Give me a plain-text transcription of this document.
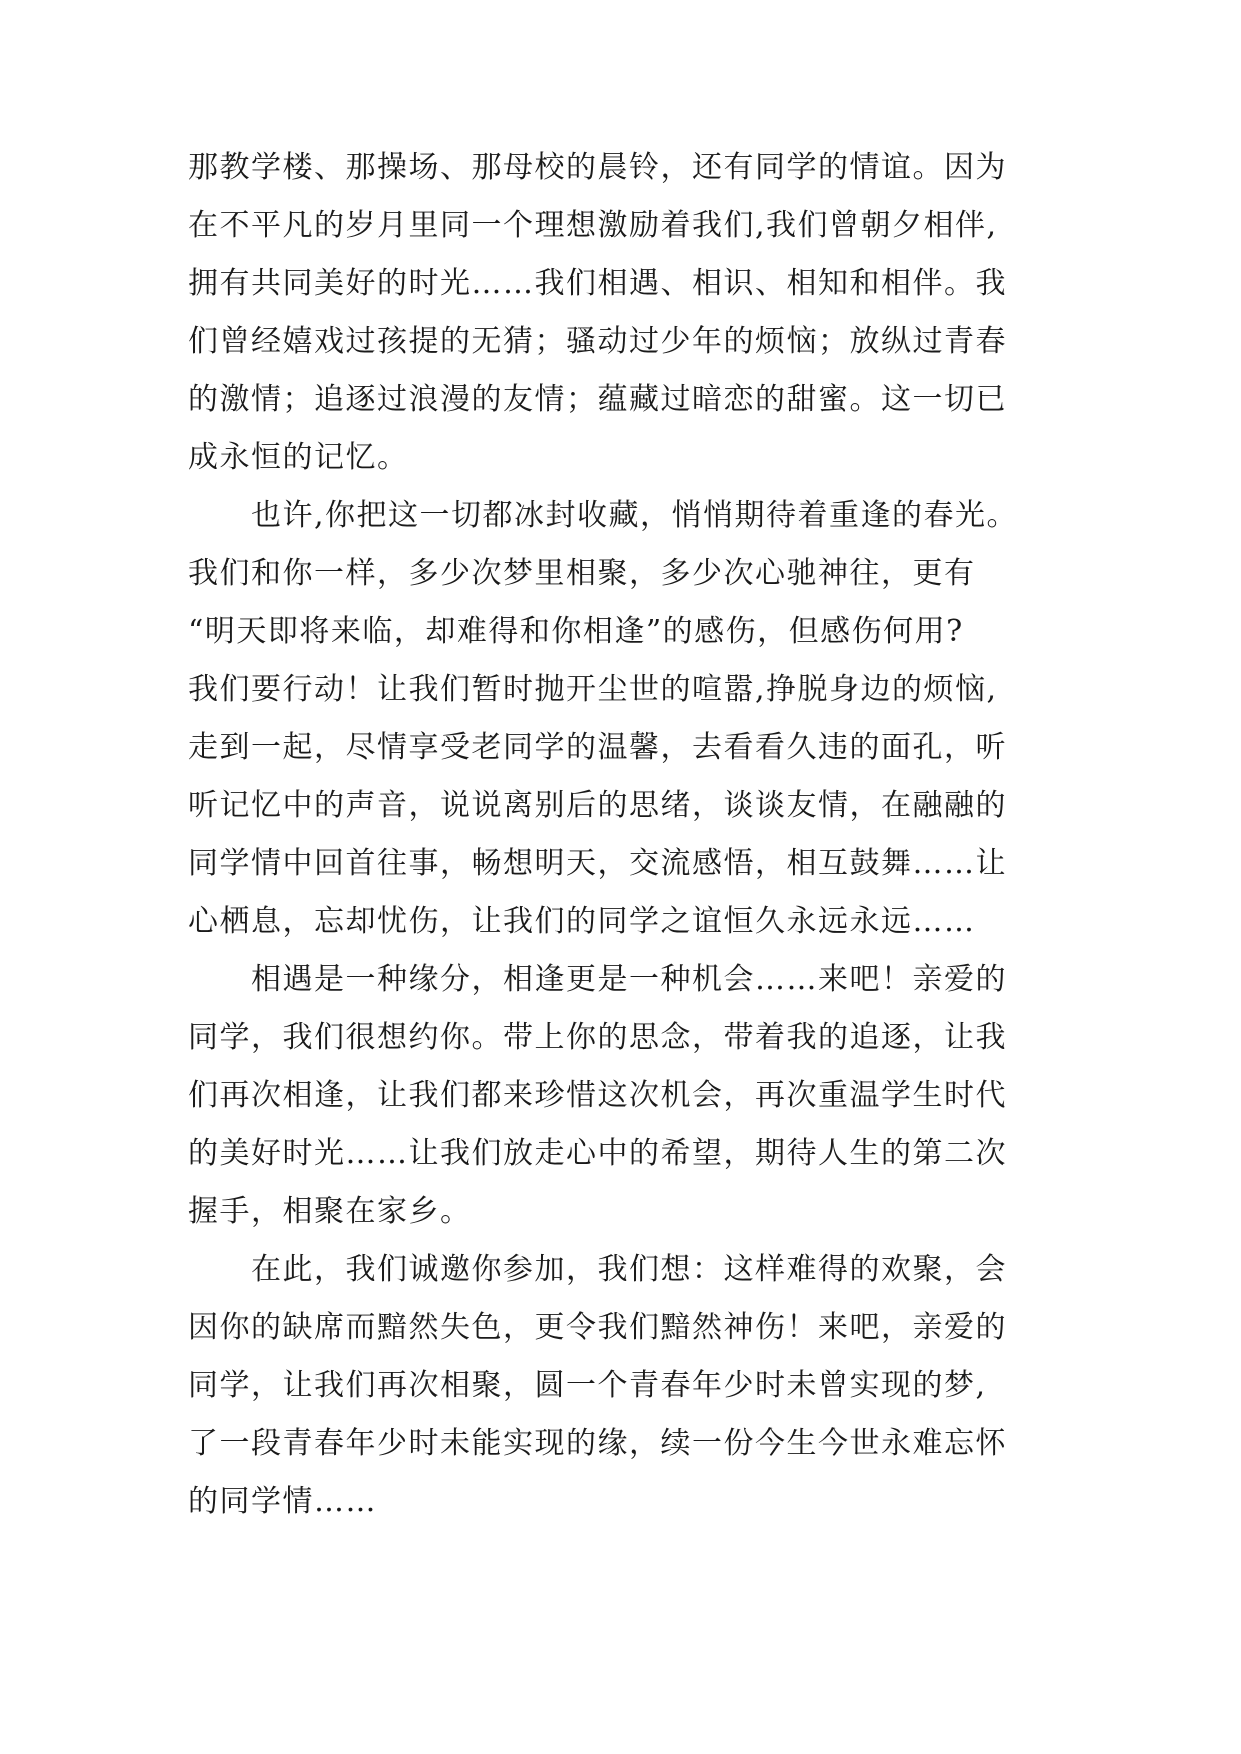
那教学楼、那操场、那母校的晨铃，还有同学的情谊。因为
在不平凡的岁月里同一个理想激励着我们,我们曾朝夕相伴,
拥有共同美好的时光……我们相遇、相识、相知和相伴。我
们曾经嬉戏过孩提的无猜；骚动过少年的烦恼；放纵过青春
的激情；追逐过浪漫的友情；蕴藏过暗恋的甜蜜。这一切已
成永恒的记忆。
　　也许,你把这一切都冰封收藏，悄悄期待着重逢的春光。
我们和你一样，多少次梦里相聚，多少次心驰神往，更有
“明天即将来临，却难得和你相逢”的感伤，但感伤何用?
我们要行动！让我们暂时抛开尘世的喧嚣,挣脱身边的烦恼,
走到一起，尽情享受老同学的温馨，去看看久违的面孔，听
听记忆中的声音，说说离别后的思绪，谈谈友情，在融融的
同学情中回首往事，畅想明天，交流感悟，相互鼓舞……让
心栖息，忘却忧伤，让我们的同学之谊恒久永远永远……
　　相遇是一种缘分，相逢更是一种机会……来吧！亲爱的
同学，我们很想约你。带上你的思念，带着我的追逐，让我
们再次相逢，让我们都来珍惜这次机会，再次重温学生时代
的美好时光……让我们放走心中的希望，期待人生的第二次
握手，相聚在家乡。
　　在此，我们诚邀你参加，我们想：这样难得的欢聚，会
因你的缺席而黯然失色，更令我们黯然神伤！来吧，亲爱的
同学，让我们再次相聚，圆一个青春年少时未曾实现的梦,
了一段青春年少时未能实现的缘，续一份今生今世永难忘怀
的同学情……
